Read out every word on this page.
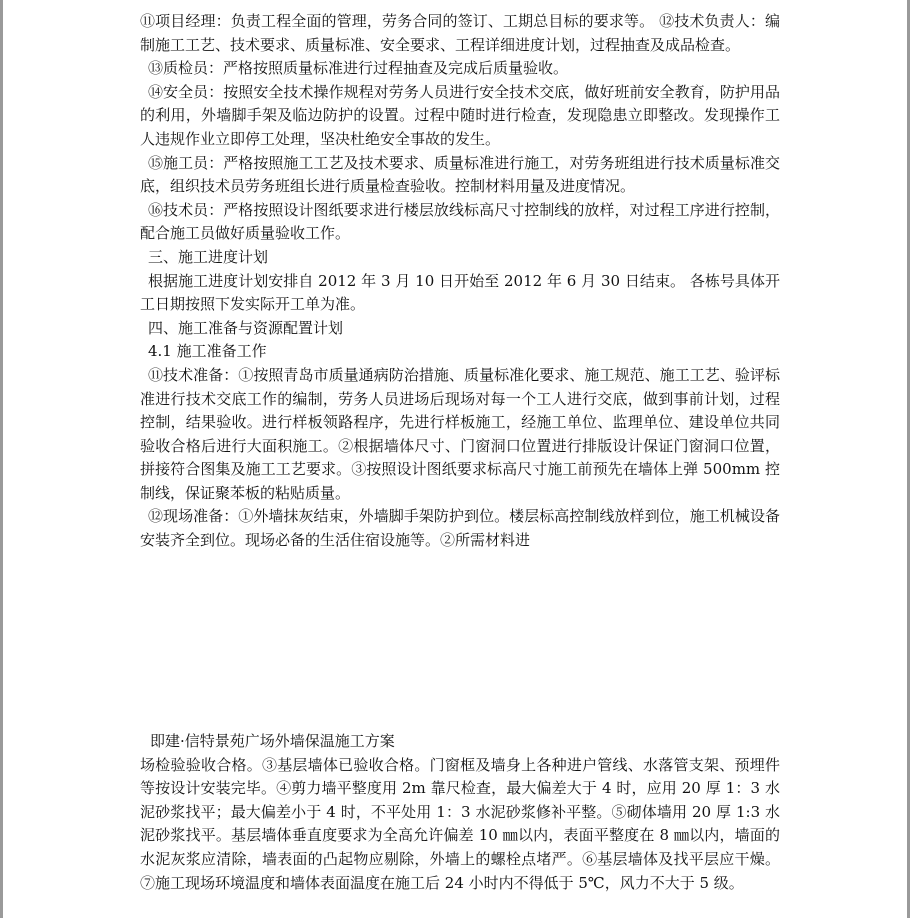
⑪项目经理：负责工程全面的管理，劳务合同的签订、工期总目标的要求等。 ⑫技术负责人：编制施工工艺、技术要求、质量标准、安全要求、工程详细进度计划，过程抽查及成品检查。

⑬质检员：严格按照质量标准进行过程抽查及完成后质量验收。

⑭安全员：按照安全技术操作规程对劳务人员进行安全技术交底，做好班前安全教育，防护用品的利用，外墙脚手架及临边防护的设置。过程中随时进行检查，发现隐患立即整改。发现操作工人违规作业立即停工处理，坚决杜绝安全事故的发生。

⑮施工员：严格按照施工工艺及技术要求、质量标准进行施工，对劳务班组进行技术质量标准交底，组织技术员劳务班组长进行质量检查验收。控制材料用量及进度情况。

⑯技术员：严格按照设计图纸要求进行楼层放线标高尺寸控制线的放样，对过程工序进行控制，配合施工员做好质量验收工作。

三、施工进度计划

根据施工进度计划安排自 2012 年 3 月 10 日开始至 2012 年 6 月 30 日结束。 各栋号具体开工日期按照下发实际开工单为准。

四、施工准备与资源配置计划

4.1 施工准备工作

⑪技术准备：①按照青岛市质量通病防治措施、质量标准化要求、施工规范、施工工艺、验评标准进行技术交底工作的编制，劳务人员进场后现场对每一个工人进行交底，做到事前计划，过程控制，结果验收。进行样板领路程序，先进行样板施工，经施工单位、监理单位、建设单位共同验收合格后进行大面积施工。②根据墙体尺寸、门窗洞口位置进行排版设计保证门窗洞口位置，拼接符合图集及施工工艺要求。③按照设计图纸要求标高尺寸施工前预先在墙体上弹 500mm 控制线，保证聚苯板的粘贴质量。

⑫现场准备：①外墙抹灰结束，外墙脚手架防护到位。楼层标高控制线放样到位，施工机械设备安装齐全到位。现场必备的生活住宿设施等。②所需材料进

即建·信特景苑广场外墙保温施工方案

场检验验收合格。③基层墙体已验收合格。门窗框及墙身上各种进户管线、水落管支架、预埋件等按设计安装完毕。④剪力墙平整度用 2m 靠尺检查，最大偏差大于 4 时，应用 20 厚 1：3 水泥砂浆找平；最大偏差小于 4 时，不平处用 1：3 水泥砂浆修补平整。⑤砌体墙用 20 厚 1:3 水泥砂浆找平。基层墙体垂直度要求为全高允许偏差 10 ㎜以内，表面平整度在 8 ㎜以内，墙面的水泥灰浆应清除，墙表面的凸起物应剔除，外墙上的螺栓点堵严。⑥基层墙体及找平层应干燥。⑦施工现场环境温度和墙体表面温度在施工后 24 小时内不得低于 5℃，风力不大于 5 级。
